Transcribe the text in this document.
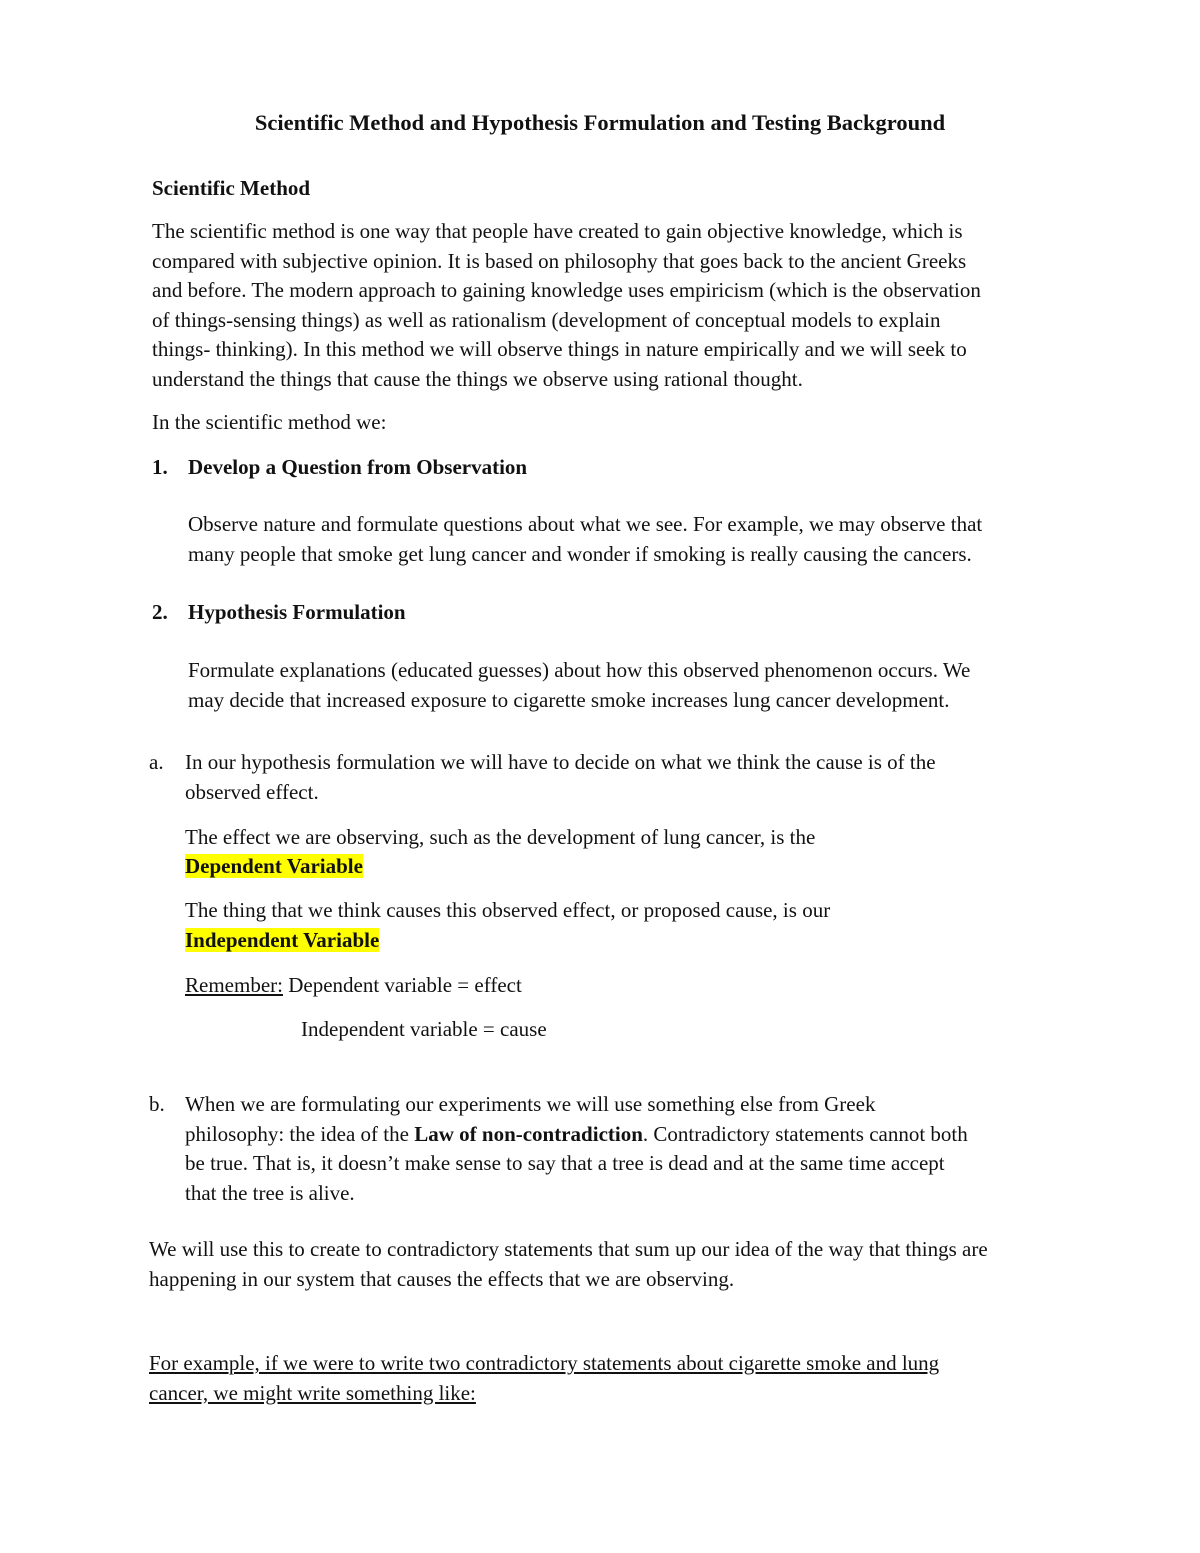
Scientific Method and Hypothesis Formulation and Testing Background
Scientific Method
The scientific method is one way that people have created to gain objective knowledge, which is
compared with subjective opinion. It is based on philosophy that goes back to the ancient Greeks
and before. The modern approach to gaining knowledge uses empiricism (which is the observation
of things-sensing things) as well as rationalism (development of conceptual models to explain
things- thinking). In this method we will observe things in nature empirically and we will seek to
understand the things that cause the things we observe using rational thought.
In the scientific method we:
1. Develop a Question from Observation
Observe nature and formulate questions about what we see. For example, we may observe that
many people that smoke get lung cancer and wonder if smoking is really causing the cancers.
2. Hypothesis Formulation
Formulate explanations (educated guesses) about how this observed phenomenon occurs. We
may decide that increased exposure to cigarette smoke increases lung cancer development.
a. In our hypothesis formulation we will have to decide on what we think the cause is of the
observed effect.
The effect we are observing, such as the development of lung cancer, is the
Dependent Variable
The thing that we think causes this observed effect, or proposed cause, is our
Independent Variable
Remember: Dependent variable = effect
Independent variable = cause
b. When we are formulating our experiments we will use something else from Greek
philosophy: the idea of the Law of non-contradiction. Contradictory statements cannot both
be true. That is, it doesn’t make sense to say that a tree is dead and at the same time accept
that the tree is alive.
We will use this to create to contradictory statements that sum up our idea of the way that things are
happening in our system that causes the effects that we are observing.
For example, if we were to write two contradictory statements about cigarette smoke and lung
cancer, we might write something like:
